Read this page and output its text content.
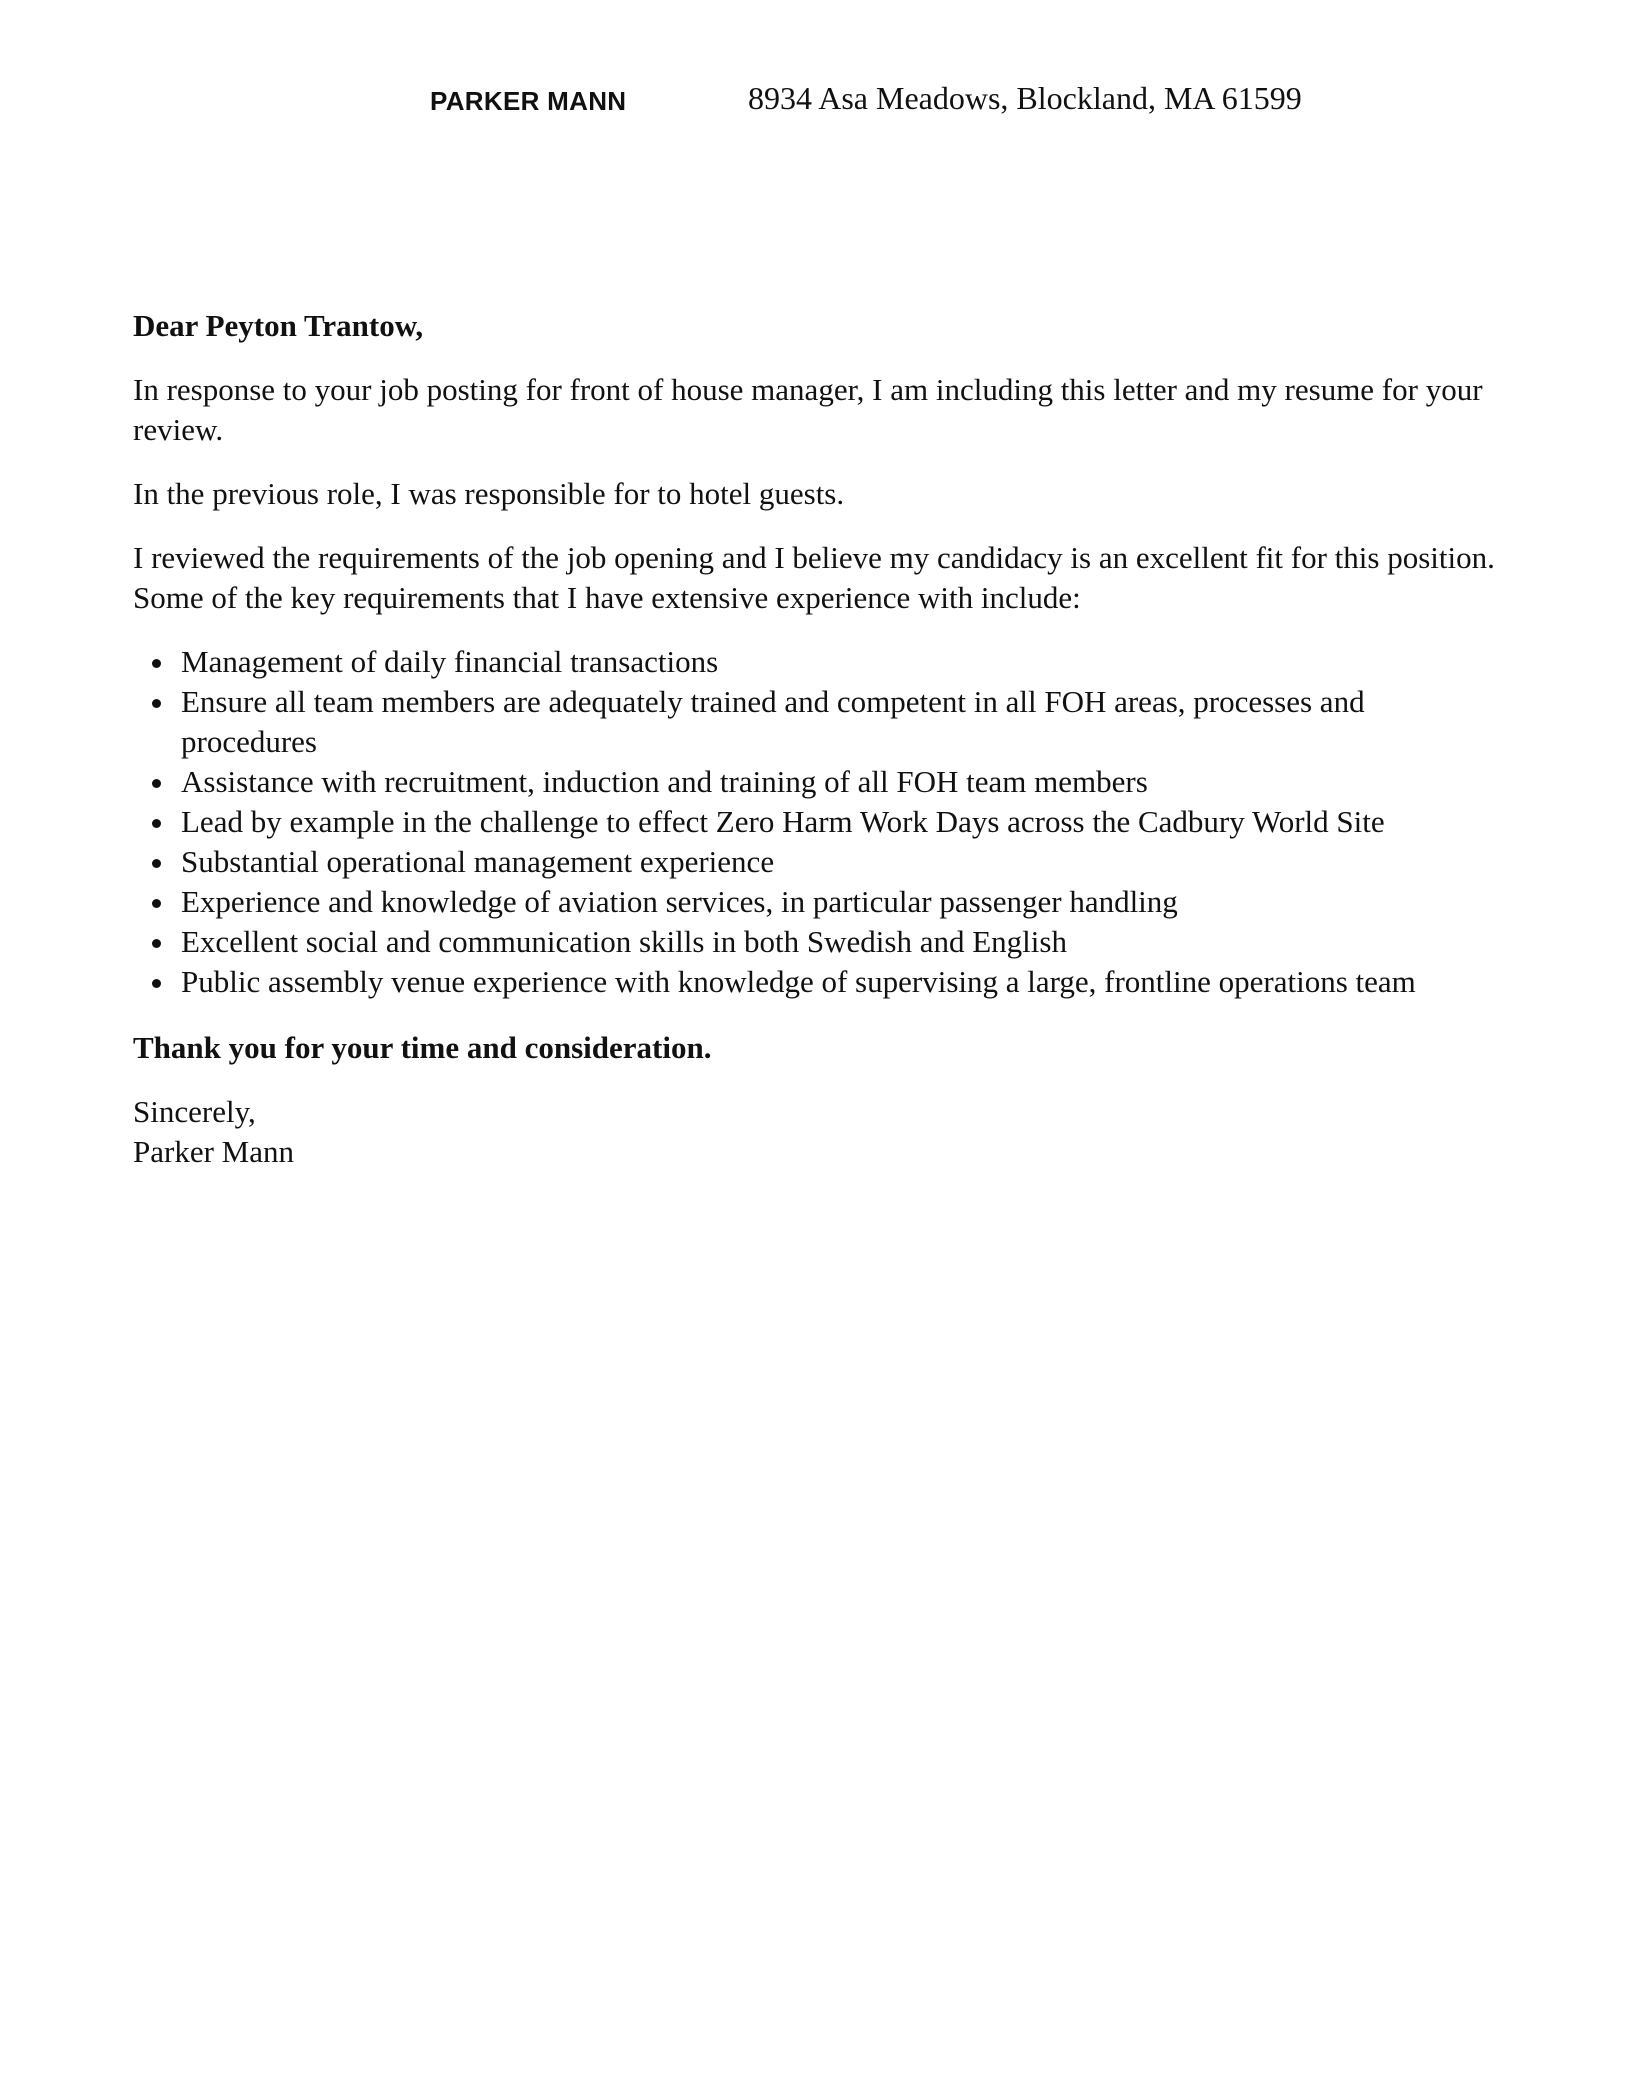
PARKER MANN	8934 Asa Meadows, Blockland, MA 61599

Dear Peyton Trantow,

In response to your job posting for front of house manager, I am including this letter and my resume for your review.

In the previous role, I was responsible for to hotel guests.

I reviewed the requirements of the job opening and I believe my candidacy is an excellent fit for this position. Some of the key requirements that I have extensive experience with include:

Management of daily financial transactions
Ensure all team members are adequately trained and competent in all FOH areas, processes and procedures
Assistance with recruitment, induction and training of all FOH team members
Lead by example in the challenge to effect Zero Harm Work Days across the Cadbury World Site
Substantial operational management experience
Experience and knowledge of aviation services, in particular passenger handling
Excellent social and communication skills in both Swedish and English
Public assembly venue experience with knowledge of supervising a large, frontline operations team

Thank you for your time and consideration.

Sincerely,
Parker Mann
